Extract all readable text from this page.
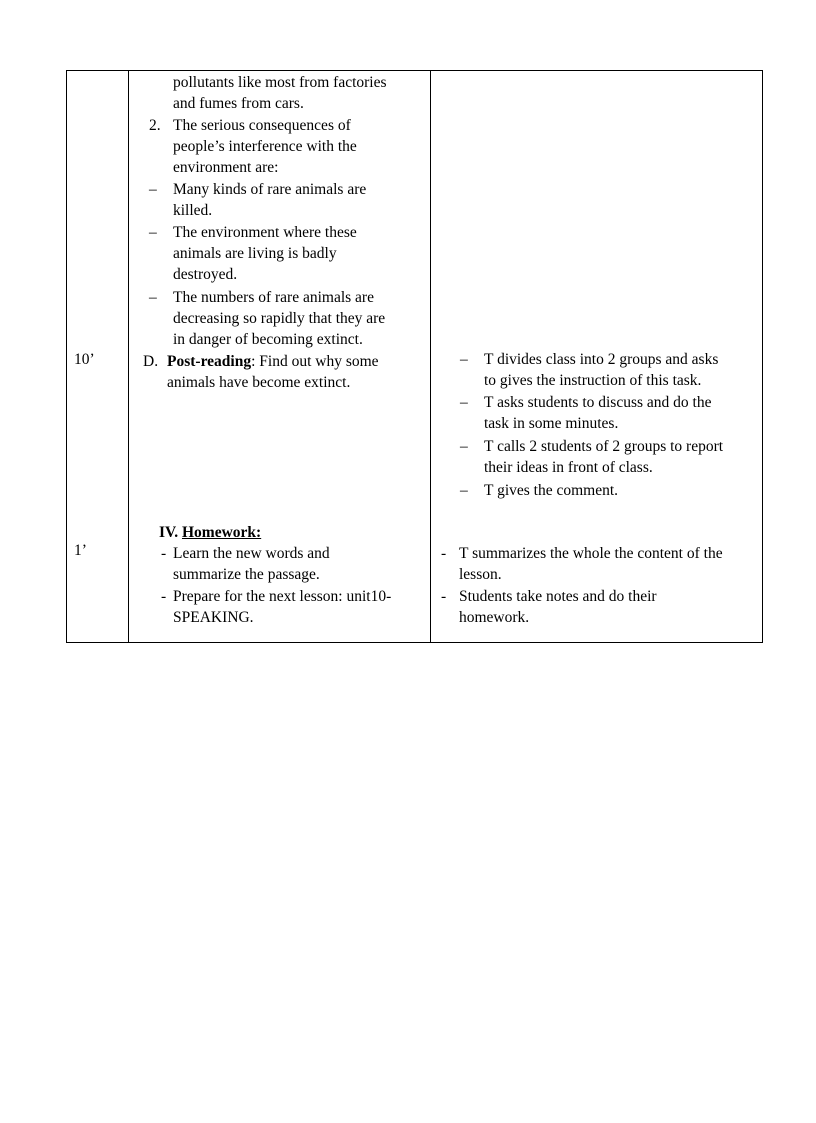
10’
1’
pollutants like most from factories
and fumes from cars.
2. The serious consequences of
people’s interference with the
environment are:
– Many kinds of rare animals are
killed.
– The environment where these
animals are living is badly
destroyed.
– The numbers of rare animals are
decreasing so rapidly that they are
in danger of becoming extinct.
D. Post-reading: Find out why some
animals have become extinct.
IV. Homework:
- Learn the new words and
summarize the passage.
- Prepare for the next lesson: unit10-
SPEAKING.
– T divides class into 2 groups and asks
to gives the instruction of this task.
– T asks students to discuss and do the
task in some minutes.
– T calls 2 students of 2 groups to report
their ideas in front of class.
– T gives the comment.
- T summarizes the whole the content of the
lesson.
- Students take notes and do their
homework.
